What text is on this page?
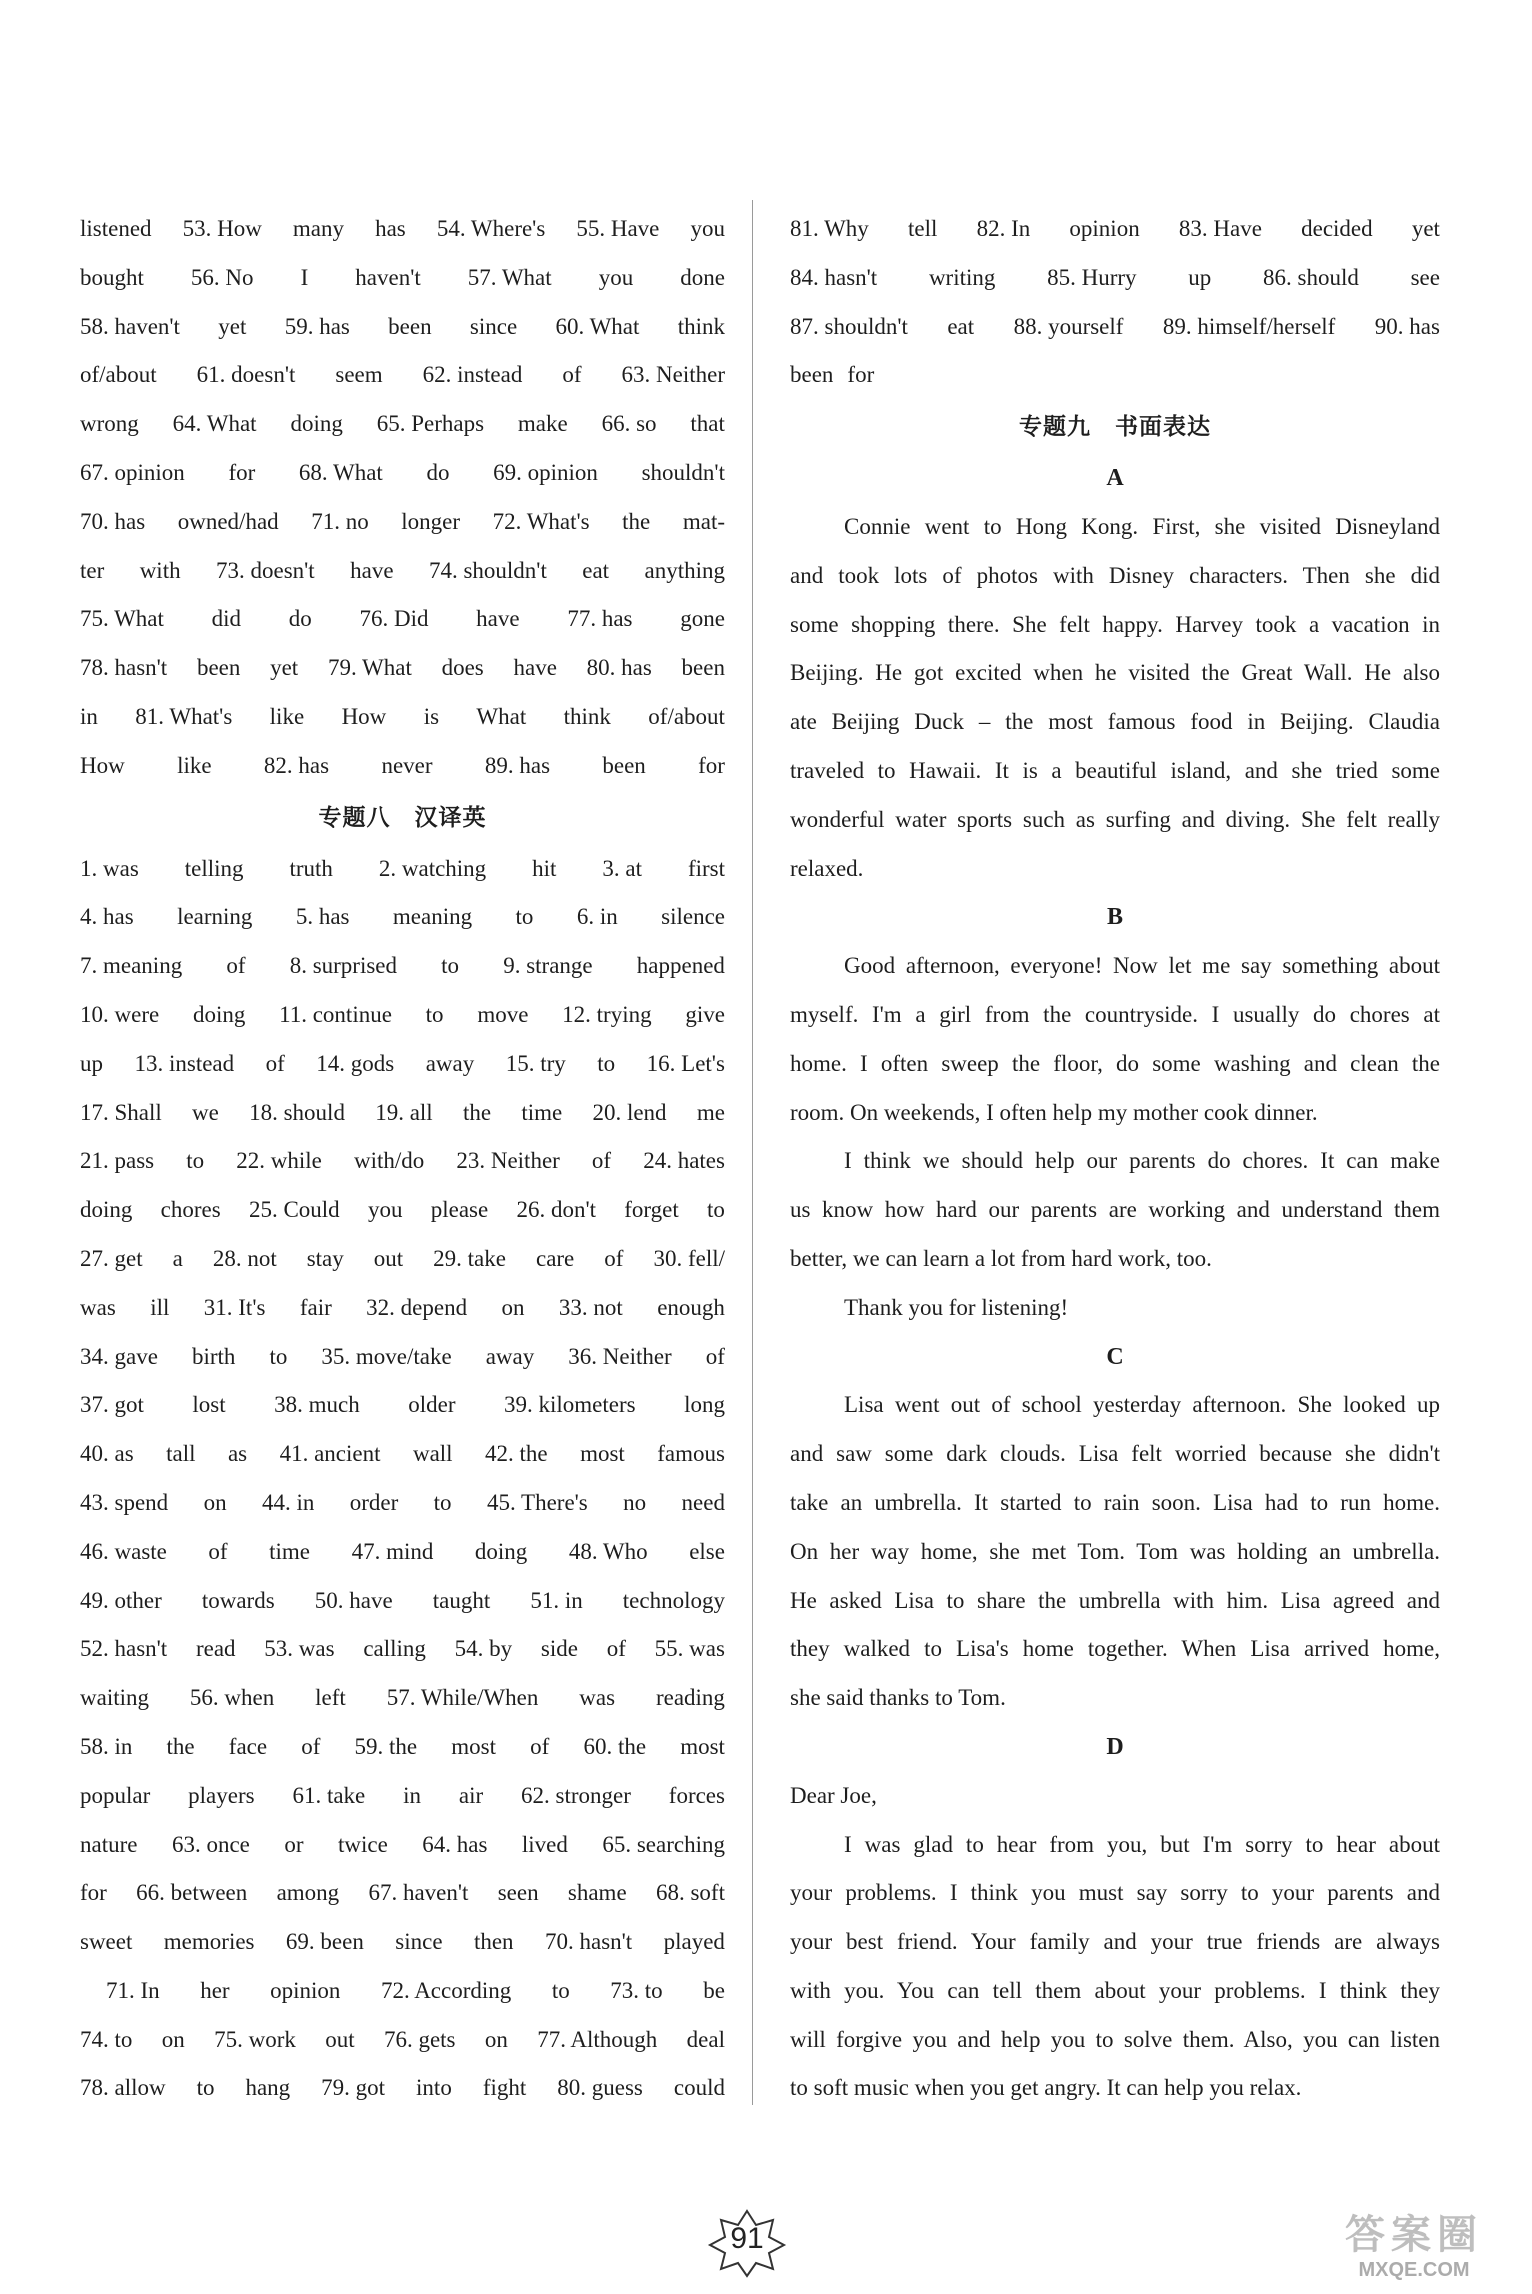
listened 53. How many has 54. Where's 55. Have you
bought 56. No I haven't 57. What you done
58. haven't yet 59. has been since 60. What think
of/about 61. doesn't seem 62. instead of 63. Neither
wrong 64. What doing 65. Perhaps make 66. so that
67. opinion for 68. What do 69. opinion shouldn't
70. has owned/had 71. no longer 72. What's the mat-
ter with 73. doesn't have 74. shouldn't eat anything
75. What did do 76. Did have 77. has gone
78. hasn't been yet 79. What does have 80. has been
in 81. What's like How is What think of/about
How like 82. has never 89. has been for
专题八　汉译英
1. was telling truth 2. watching hit 3. at first
4. has learning 5. has meaning to 6. in silence
7. meaning of 8. surprised to 9. strange happened
10. were doing 11. continue to move 12. trying give
up 13. instead of 14. gods away 15. try to 16. Let's
17. Shall we 18. should 19. all the time 20. lend me
21. pass to 22. while with/do 23. Neither of 24. hates
doing chores 25. Could you please 26. don't forget to
27. get a 28. not stay out 29. take care of 30. fell/
was ill 31. It's fair 32. depend on 33. not enough
34. gave birth to 35. move/take away 36. Neither of
37. got lost 38. much older 39. kilometers long
40. as tall as 41. ancient wall 42. the most famous
43. spend on 44. in order to 45. There's no need
46. waste of time 47. mind doing 48. Who else
49. other towards 50. have taught 51. in technology
52. hasn't read 53. was calling 54. by side of 55. was
waiting 56. when left 57. While/When was reading
58. in the face of 59. the most of 60. the most
popular players 61. take in air 62. stronger forces
nature 63. once or twice 64. has lived 65. searching
for 66. between among 67. haven't seen shame 68. soft
sweet memories 69. been since then 70. hasn't played
71. In her opinion 72. According to 73. to be
74. to on 75. work out 76. gets on 77. Although deal
78. allow to hang 79. got into fight 80. guess could
81. Why tell 82. In opinion 83. Have decided yet
84. hasn't writing 85. Hurry up 86. should see
87. shouldn't eat 88. yourself 89. himself/herself 90. has
been for
专题九　书面表达
A
Connie went to Hong Kong. First, she visited Disneyland
and took lots of photos with Disney characters. Then she did
some shopping there. She felt happy. Harvey took a vacation in
Beijing. He got excited when he visited the Great Wall. He also
ate Beijing Duck – the most famous food in Beijing. Claudia
traveled to Hawaii. It is a beautiful island, and she tried some
wonderful water sports such as surfing and diving. She felt really
relaxed.
B
Good afternoon, everyone! Now let me say something about
myself. I'm a girl from the countryside. I usually do chores at
home. I often sweep the floor, do some washing and clean the
room. On weekends, I often help my mother cook dinner.
I think we should help our parents do chores. It can make
us know how hard our parents are working and understand them
better, we can learn a lot from hard work, too.
Thank you for listening!
C
Lisa went out of school yesterday afternoon. She looked up
and saw some dark clouds. Lisa felt worried because she didn't
take an umbrella. It started to rain soon. Lisa had to run home.
On her way home, she met Tom. Tom was holding an umbrella.
He asked Lisa to share the umbrella with him. Lisa agreed and
they walked to Lisa's home together. When Lisa arrived home,
she said thanks to Tom.
D
Dear Joe,
I was glad to hear from you, but I'm sorry to hear about
your problems. I think you must say sorry to your parents and
your best friend. Your family and your true friends are always
with you. You can tell them about your problems. I think they
will forgive you and help you to solve them. Also, you can listen
to soft music when you get angry. It can help you relax.
91	答案圈
MXQE.COM
